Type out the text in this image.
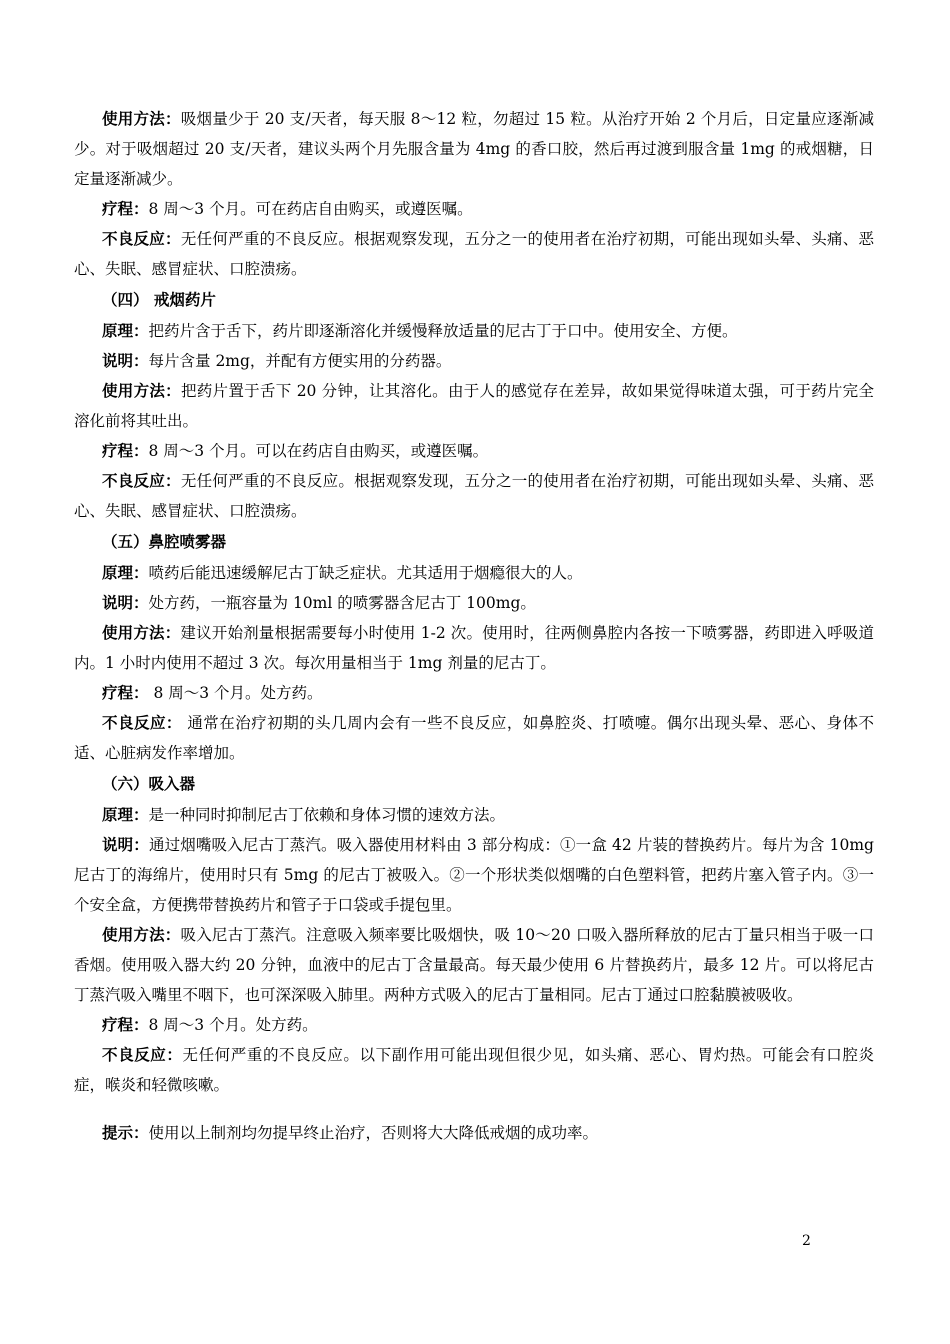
使用方法：吸烟量少于 20 支/天者，每天服 8～12 粒，勿超过 15 粒。从治疗开始 2 个月后，日定量应逐渐减少。对于吸烟超过 20 支/天者，建议头两个月先服含量为 4mg 的香口胶，然后再过渡到服含量 1mg 的戒烟糖，日定量逐渐减少。

疗程：8 周～3 个月。可在药店自由购买，或遵医嘱。

不良反应：无任何严重的不良反应。根据观察发现，五分之一的使用者在治疗初期，可能出现如头晕、头痛、恶心、失眠、感冒症状、口腔溃疡。

（四） 戒烟药片

原理：把药片含于舌下，药片即逐渐溶化并缓慢释放适量的尼古丁于口中。使用安全、方便。

说明：每片含量 2mg，并配有方便实用的分药器。

使用方法：把药片置于舌下 20 分钟，让其溶化。由于人的感觉存在差异，故如果觉得味道太强，可于药片完全溶化前将其吐出。

疗程：8 周～3 个月。可以在药店自由购买，或遵医嘱。

不良反应：无任何严重的不良反应。根据观察发现，五分之一的使用者在治疗初期，可能出现如头晕、头痛、恶心、失眠、感冒症状、口腔溃疡。

（五）鼻腔喷雾器

原理：喷药后能迅速缓解尼古丁缺乏症状。尤其适用于烟瘾很大的人。

说明：处方药，一瓶容量为 10ml 的喷雾器含尼古丁 100mg。

使用方法：建议开始剂量根据需要每小时使用 1-2 次。使用时，往两侧鼻腔内各按一下喷雾器，药即进入呼吸道内。1 小时内使用不超过 3 次。每次用量相当于 1mg 剂量的尼古丁。

疗程： 8 周～3 个月。处方药。

不良反应： 通常在治疗初期的头几周内会有一些不良反应，如鼻腔炎、打喷嚏。偶尔出现头晕、恶心、身体不适、心脏病发作率增加。

（六）吸入器

原理：是一种同时抑制尼古丁依赖和身体习惯的速效方法。

说明：通过烟嘴吸入尼古丁蒸汽。吸入器使用材料由 3 部分构成：①一盒 42 片装的替换药片。每片为含 10mg 尼古丁的海绵片，使用时只有 5mg 的尼古丁被吸入。②一个形状类似烟嘴的白色塑料管，把药片塞入管子内。③一个安全盒，方便携带替换药片和管子于口袋或手提包里。

使用方法：吸入尼古丁蒸汽。注意吸入频率要比吸烟快，吸 10～20 口吸入器所释放的尼古丁量只相当于吸一口香烟。使用吸入器大约 20 分钟，血液中的尼古丁含量最高。每天最少使用 6 片替换药片，最多 12 片。可以将尼古丁蒸汽吸入嘴里不咽下，也可深深吸入肺里。两种方式吸入的尼古丁量相同。尼古丁通过口腔黏膜被吸收。

疗程：8 周～3 个月。处方药。

不良反应：无任何严重的不良反应。以下副作用可能出现但很少见，如头痛、恶心、胃灼热。可能会有口腔炎症，喉炎和轻微咳嗽。

提示：使用以上制剂均勿提早终止治疗，否则将大大降低戒烟的成功率。

2
